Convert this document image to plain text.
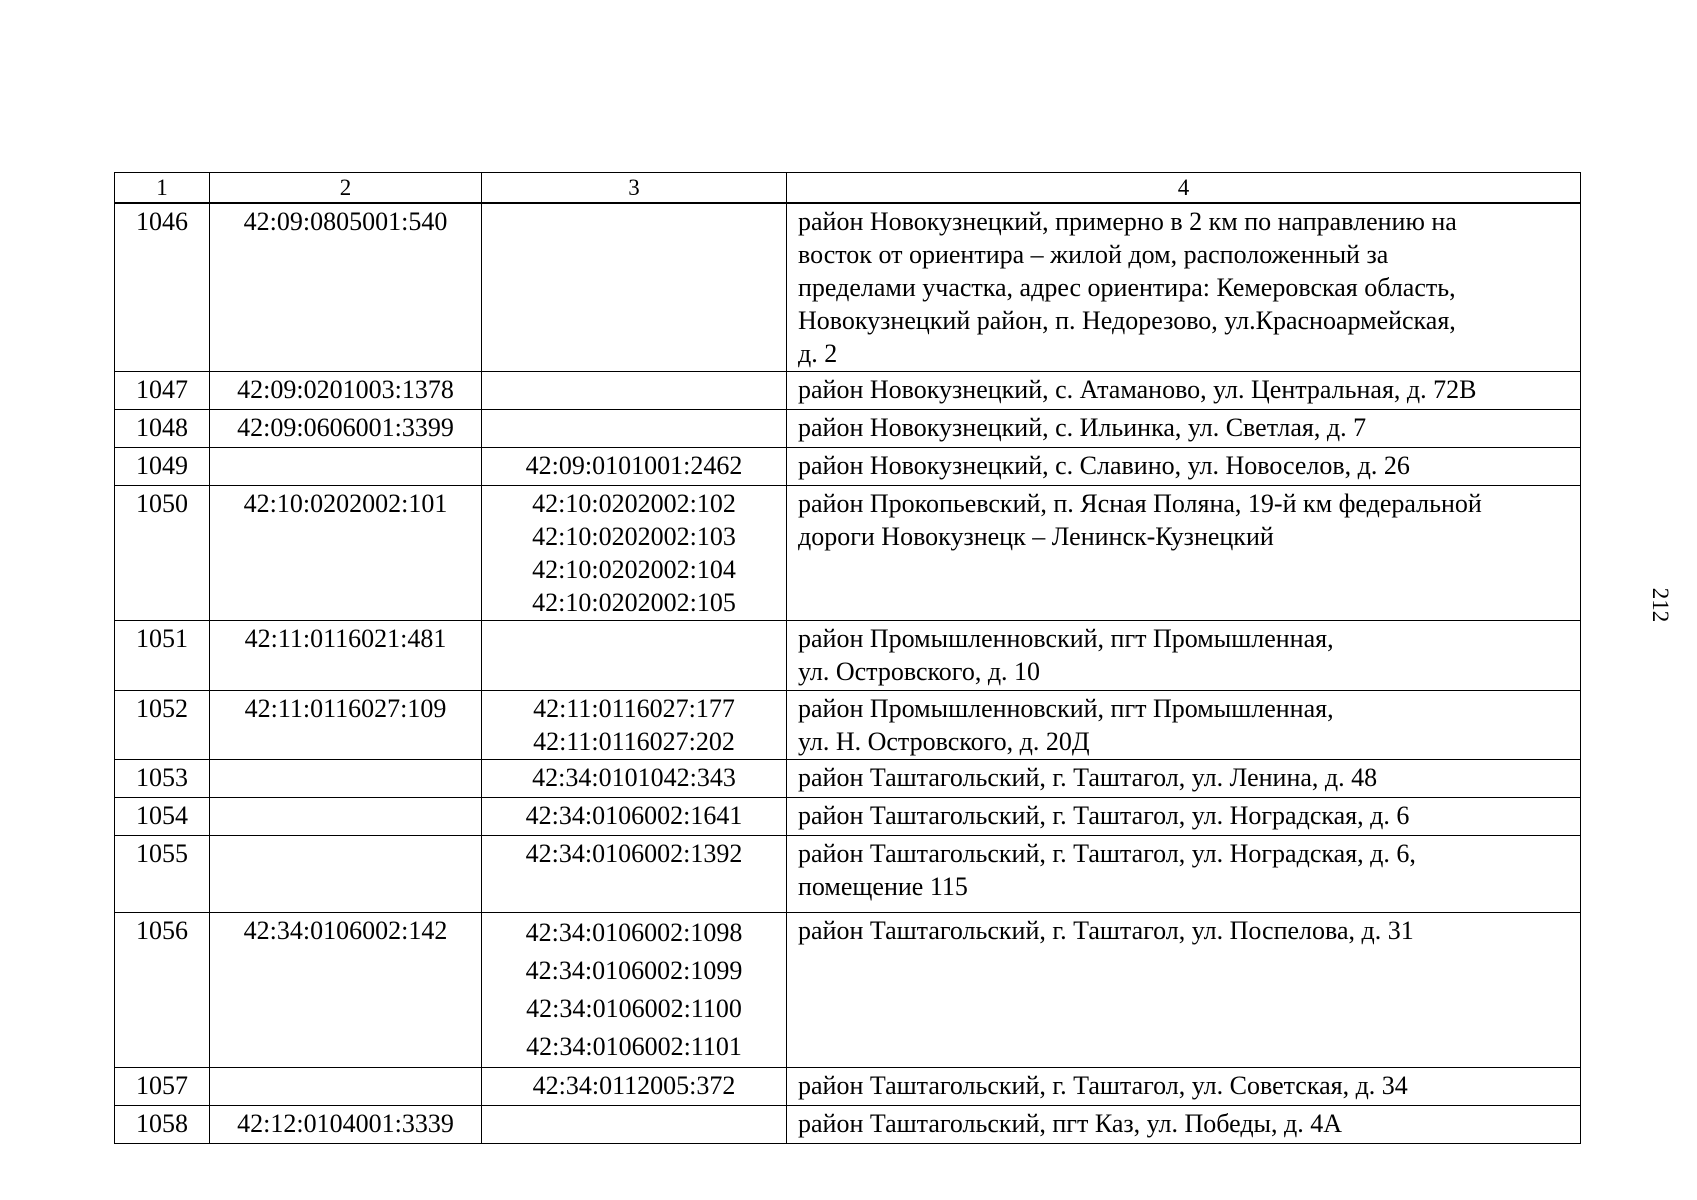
1	2	3	4

1046	42:09:0805001:540		район Новокузнецкий, примерно в 2 км по направлению на
восток от ориентира – жилой дом, расположенный за
пределами участка, адрес ориентира: Кемеровская область,
Новокузнецкий район, п. Недорезово, ул.Красноармейская,
д. 2

1047	42:09:0201003:1378		район Новокузнецкий, с. Атаманово, ул. Центральная, д. 72В

1048	42:09:0606001:3399		район Новокузнецкий, с. Ильинка, ул. Светлая, д. 7

1049		42:09:0101001:2462	район Новокузнецкий, с. Славино, ул. Новоселов, д. 26

1050	42:10:0202002:101	42:10:0202002:102
42:10:0202002:103
42:10:0202002:104
42:10:0202002:105	район Прокопьевский, п. Ясная Поляна, 19-й км федеральной
дороги Новокузнецк – Ленинск-Кузнецкий

1051	42:11:0116021:481		район Промышленновский, пгт Промышленная,
ул. Островского, д. 10

1052	42:11:0116027:109	42:11:0116027:177
42:11:0116027:202	район Промышленновский, пгт Промышленная,
ул. Н. Островского, д. 20Д

1053		42:34:0101042:343	район Таштагольский, г. Таштагол, ул. Ленина, д. 48

1054		42:34:0106002:1641	район Таштагольский, г. Таштагол, ул. Ноградская, д. 6

1055		42:34:0106002:1392	район Таштагольский, г. Таштагол, ул. Ноградская, д. 6,
помещение 115

1056	42:34:0106002:142	42:34:0106002:1098
42:34:0106002:1099
42:34:0106002:1100
42:34:0106002:1101	район Таштагольский, г. Таштагол, ул. Поспелова, д. 31

1057		42:34:0112005:372	район Таштагольский, г. Таштагол, ул. Советская, д. 34

1058	42:12:0104001:3339		район Таштагольский, пгт Каз, ул. Победы, д. 4А
212
